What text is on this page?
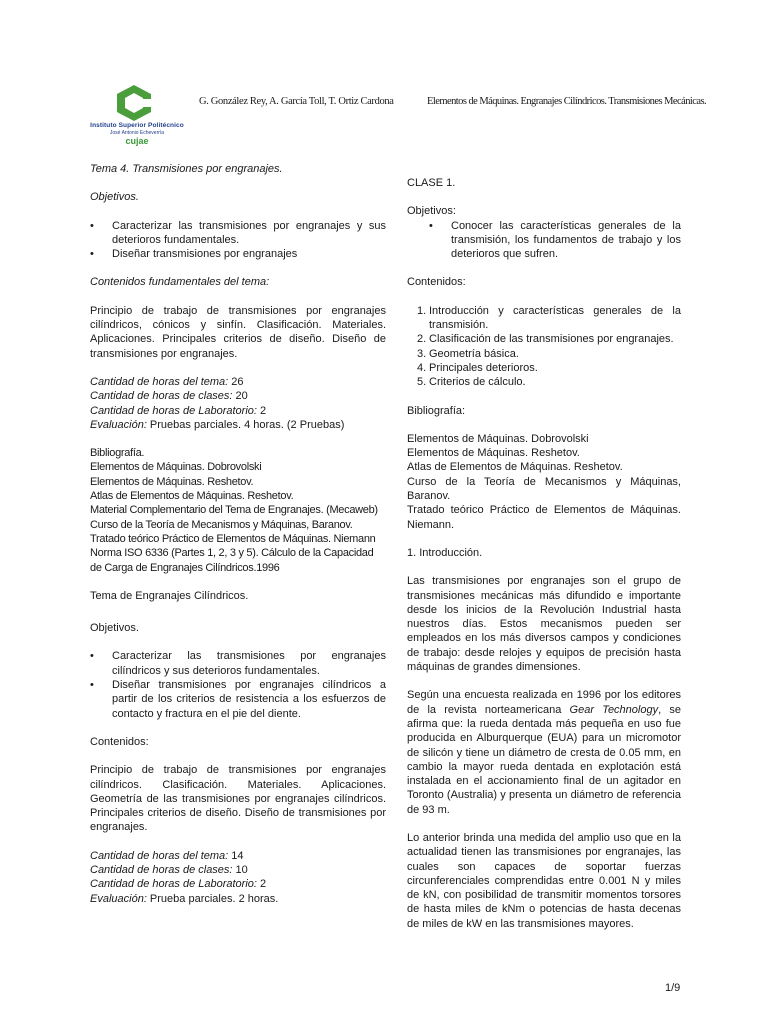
Instituto Superior Politécnico
José Antonio Echeverría
cujae
G. González Rey, A. García Toll, T. Ortiz Cardona	Elementos de Máquinas. Engranajes Cilíndricos. Transmisiones Mecánicas.

Tema 4. Transmisiones por engranajes.

Objetivos.

• Caracterizar las transmisiones por engranajes y sus deterioros fundamentales.
• Diseñar transmisiones por engranajes

Contenidos fundamentales del tema:

Principio de trabajo de transmisiones por engranajes cilíndricos, cónicos y sinfín. Clasificación. Materiales. Aplicaciones. Principales criterios de diseño. Diseño de transmisiones por engranajes.

Cantidad de horas del tema: 26

Cantidad de horas de clases: 20

Cantidad de horas de Laboratorio: 2

Evaluación: Pruebas parciales. 4 horas. (2 Pruebas)

Bibliografía.

Elementos de Máquinas. Dobrovolski

Elementos de Máquinas. Reshetov.

Atlas de Elementos de Máquinas. Reshetov.

Material Complementario del Tema de Engranajes. (Mecaweb)

Curso de la Teoría de Mecanismos y Máquinas, Baranov.

Tratado teórico Práctico de Elementos de Máquinas. Niemann

Norma ISO 6336 (Partes 1, 2, 3 y 5). Cálculo de la Capacidad de Carga de Engranajes Cilíndricos.1996

Tema de Engranajes Cilíndricos.

Objetivos.

• Caracterizar las transmisiones por engranajes cilíndricos y sus deterioros fundamentales.
• Diseñar transmisiones por engranajes cilíndricos a partir de los criterios de resistencia a los esfuerzos de contacto y fractura en el pie del diente.

Contenidos:

Principio de trabajo de transmisiones por engranajes cilíndricos. Clasificación. Materiales. Aplicaciones. Geometría de las transmisiones por engranajes cilíndricos. Principales criterios de diseño. Diseño de transmisiones por engranajes.

Cantidad de horas del tema: 14

Cantidad de horas de clases: 10

Cantidad de horas de Laboratorio: 2

Evaluación: Prueba parciales. 2 horas.

CLASE 1.

Objetivos:

• Conocer las características generales de la transmisión, los fundamentos de trabajo y los deterioros que sufren.

Contenidos:

1. Introducción y características generales de la transmisión.
2. Clasificación de las transmisiones por engranajes.
3. Geometría básica.
4. Principales deterioros.
5. Criterios de cálculo.

Bibliografía:

Elementos de Máquinas. Dobrovolski

Elementos de Máquinas. Reshetov.

Atlas de Elementos de Máquinas. Reshetov.

Curso de la Teoría de Mecanismos y Máquinas, Baranov.

Tratado teórico Práctico de Elementos de Máquinas. Niemann.

1. Introducción.

Las transmisiones por engranajes son el grupo de transmisiones mecánicas más difundido e importante desde los inicios de la Revolución Industrial hasta nuestros días. Estos mecanismos pueden ser empleados en los más diversos campos y condiciones de trabajo: desde relojes y equipos de precisión hasta máquinas de grandes dimensiones.

Según una encuesta realizada en 1996 por los editores de la revista norteamericana Gear Technology, se afirma que: la rueda dentada más pequeña en uso fue producida en Alburquerque (EUA) para un micromotor de silicón y tiene un diámetro de cresta de 0.05 mm, en cambio la mayor rueda dentada en explotación está instalada en el accionamiento final de un agitador en Toronto (Australia) y presenta un diámetro de referencia de 93 m.

Lo anterior brinda una medida del amplio uso que en la actualidad tienen las transmisiones por engranajes, las cuales son capaces de soportar fuerzas circunferenciales comprendidas entre 0.001 N y miles de kN, con posibilidad de transmitir momentos torsores de hasta miles de kNm o potencias de hasta decenas de miles de kW en las transmisiones mayores.

1/9
